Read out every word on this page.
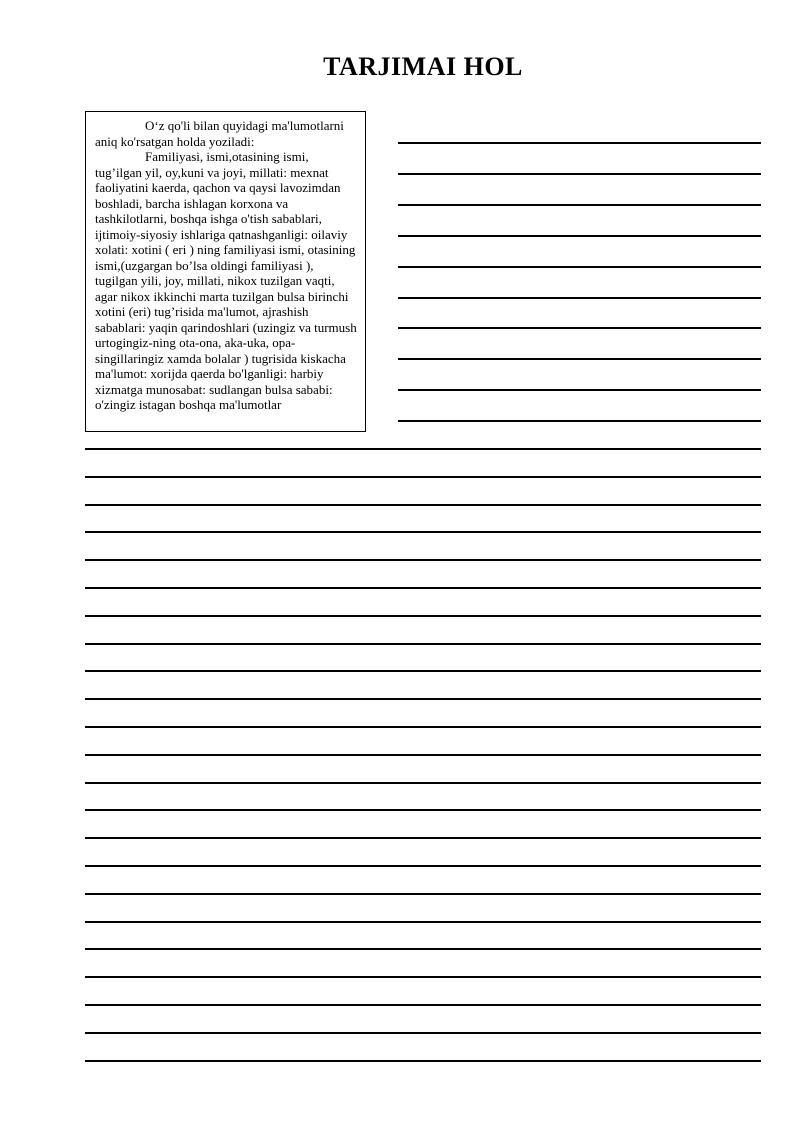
TARJIMAI HOL

O‘z qo'li bilan quyidagi ma'lumotlarni aniq ko'rsatgan holda yoziladi:

Familiyasi, ismi,otasining ismi, tug’ilgan yil, oy,kuni va joyi, millati: mexnat faoliyatini kaerda, qachon va qaysi lavozimdan boshladi, barcha ishlagan korxona va tashkilotlarni, boshqa ishga o'tish sabablari, ijtimoiy-siyosiy ishlariga qatnashganligi: oilaviy xolati: xotini ( eri ) ning familiyasi ismi, otasining ismi,(uzgargan bo’lsa oldingi familiyasi ), tugilgan yili, joy, millati, nikox tuzilgan vaqti, agar nikox ikkinchi marta tuzilgan bulsa birinchi xotini (eri) tug’risida ma'lumot, ajrashish sabablari: yaqin qarindoshlari (uzingiz va turmush urtogingiz-ning ota-ona, aka-uka, opa-singillaringiz xamda bolalar ) tugrisida kiskacha ma'lumot: xorijda qaerda bo'lganligi: harbiy xizmatga munosabat: sudlangan bulsa sababi: o'zingiz istagan boshqa ma'lumotlar
